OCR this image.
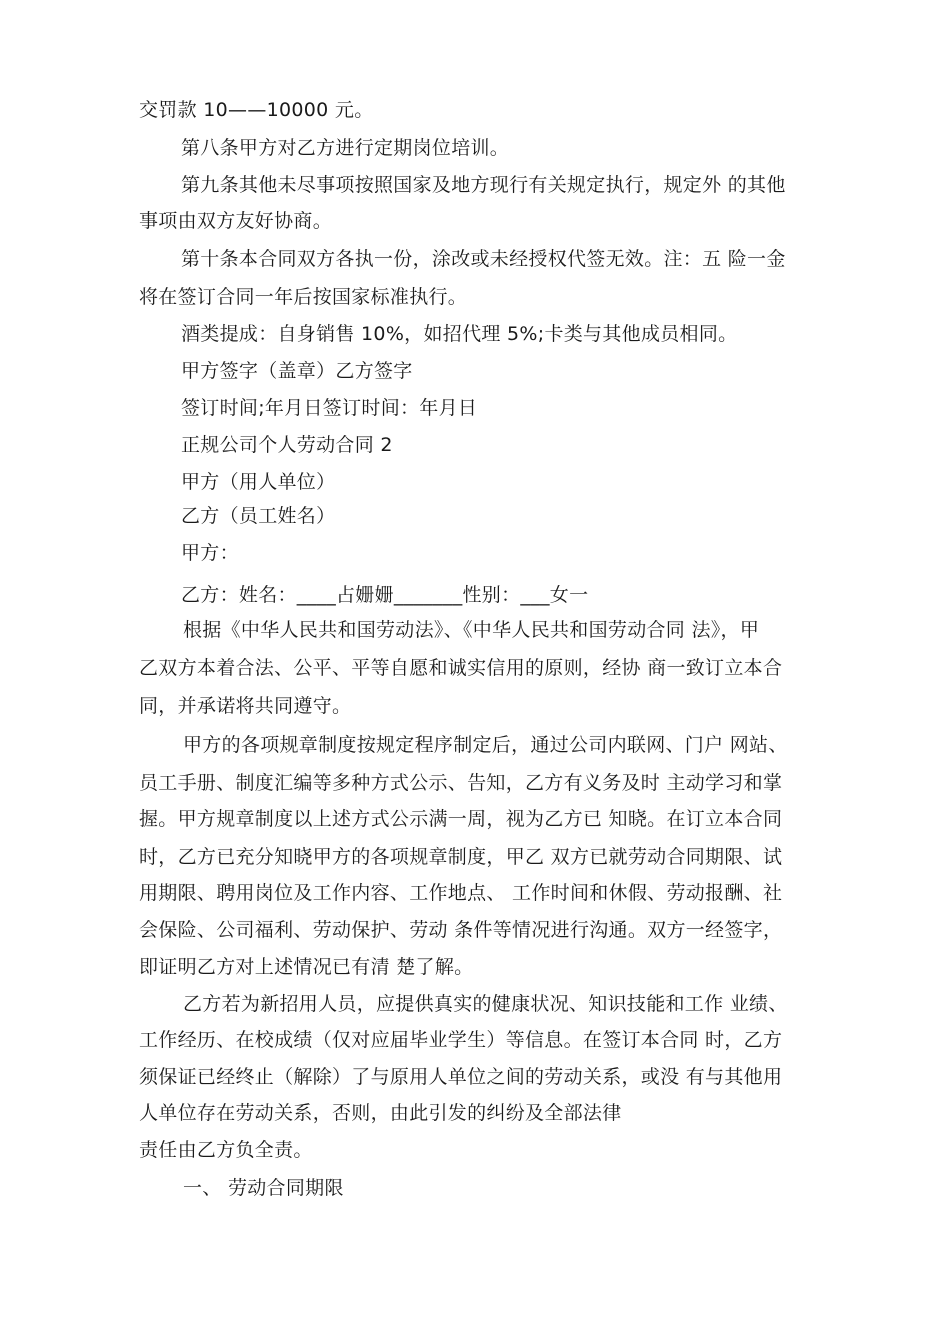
交罚款 10——10000 元。

第八条甲方对乙方进行定期岗位培训。

第九条其他未尽事项按照国家及地方现行有关规定执行，规定外 的其他

事项由双方友好协商。

第十条本合同双方各执一份，涂改或未经授权代签无效。注：五 险一金

将在签订合同一年后按国家标准执行。

酒类提成：自身销售 10%，如招代理 5%;卡类与其他成员相同。

甲方签字（盖章）乙方签字

签订时间;年月日签订时间：年月日

正规公司个人劳动合同 2

甲方（用人单位）

乙方（员工姓名）

甲方：

乙方：姓名：____占姗姗_______性别：___女一

根据《中华人民共和国劳动法》、《中华人民共和国劳动合同 法》，甲

乙双方本着合法、公平、平等自愿和诚实信用的原则，经协 商一致订立本合

同，并承诺将共同遵守。

甲方的各项规章制度按规定程序制定后，通过公司内联网、门户 网站、

员工手册、制度汇编等多种方式公示、告知，乙方有义务及时 主动学习和掌

握。甲方规章制度以上述方式公示满一周，视为乙方已 知晓。在订立本合同

时，乙方已充分知晓甲方的各项规章制度，甲乙 双方已就劳动合同期限、试

用期限、聘用岗位及工作内容、工作地点、 工作时间和休假、劳动报酬、社

会保险、公司福利、劳动保护、劳动 条件等情况进行沟通。双方一经签字，

即证明乙方对上述情况已有清 楚了解。

乙方若为新招用人员，应提供真实的健康状况、知识技能和工作 业绩、

工作经历、在校成绩（仅对应届毕业学生）等信息。在签订本合同 时，乙方

须保证已经终止（解除）了与原用人单位之间的劳动关系，或没 有与其他用

人单位存在劳动关系，否则，由此引发的纠纷及全部法律

责任由乙方负全责。

一、 劳动合同期限
